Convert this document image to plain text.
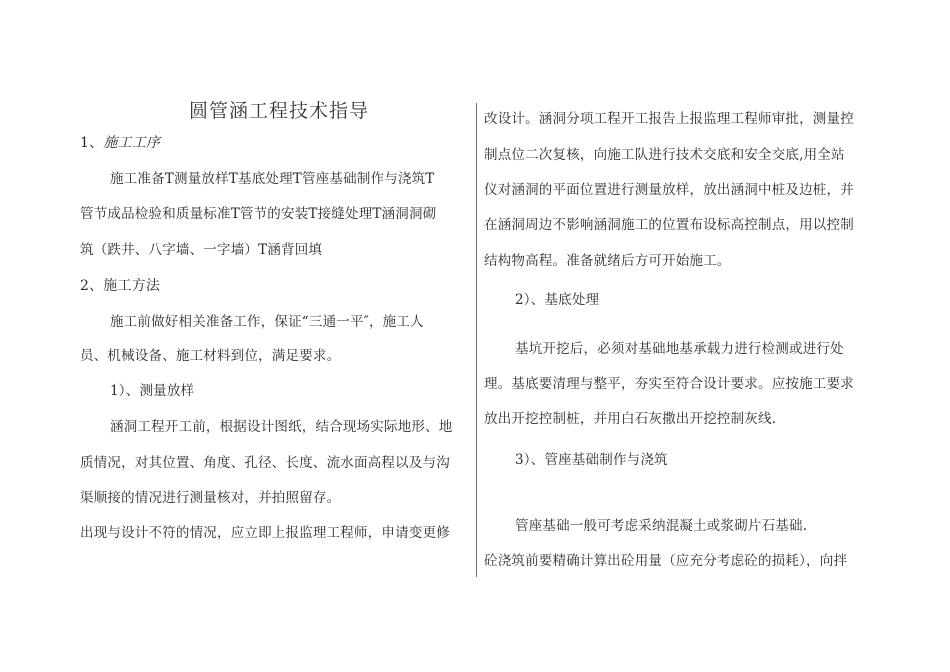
圆管涵工程技术指导
1、施工工序
施工准备T测量放样T基底处理T管座基础制作与浇筑T
管节成品检验和质量标准T管节的安装T接缝处理T涵洞洞砌
筑（跌井、八字墙、一字墙）T涵背回填
2、施工方法
施工前做好相关准备工作，保证“三通一平″，施工人
员、机械设备、施工材料到位，满足要求。
1）、测量放样
涵洞工程开工前，根据设计图纸，结合现场实际地形、地
质情况，对其位置、角度、孔径、长度、流水面高程以及与沟
渠顺接的情况进行测量核对，并拍照留存。
出现与设计不符的情况，应立即上报监理工程师，申请变更修
改设计。涵洞分项工程开工报告上报监理工程师审批，测量控
制点位二次复核，向施工队进行技术交底和安全交底,用全站
仪对涵洞的平面位置进行测量放样，放出涵洞中桩及边桩，并
在涵洞周边不影响涵洞施工的位置布设标高控制点，用以控制
结构物高程。准备就绪后方可开始施工。
2）、基底处理
基坑开挖后，必须对基础地基承载力进行检测或进行处
理。基底要清理与整平，夯实至符合设计要求。应按施工要求
放出开挖控制桩，并用白石灰撒出开挖控制灰线.
3）、管座基础制作与浇筑
管座基础一般可考虑采纳混凝土或浆砌片石基础.
砼浇筑前要精确计算出砼用量（应充分考虑砼的损耗），向拌
